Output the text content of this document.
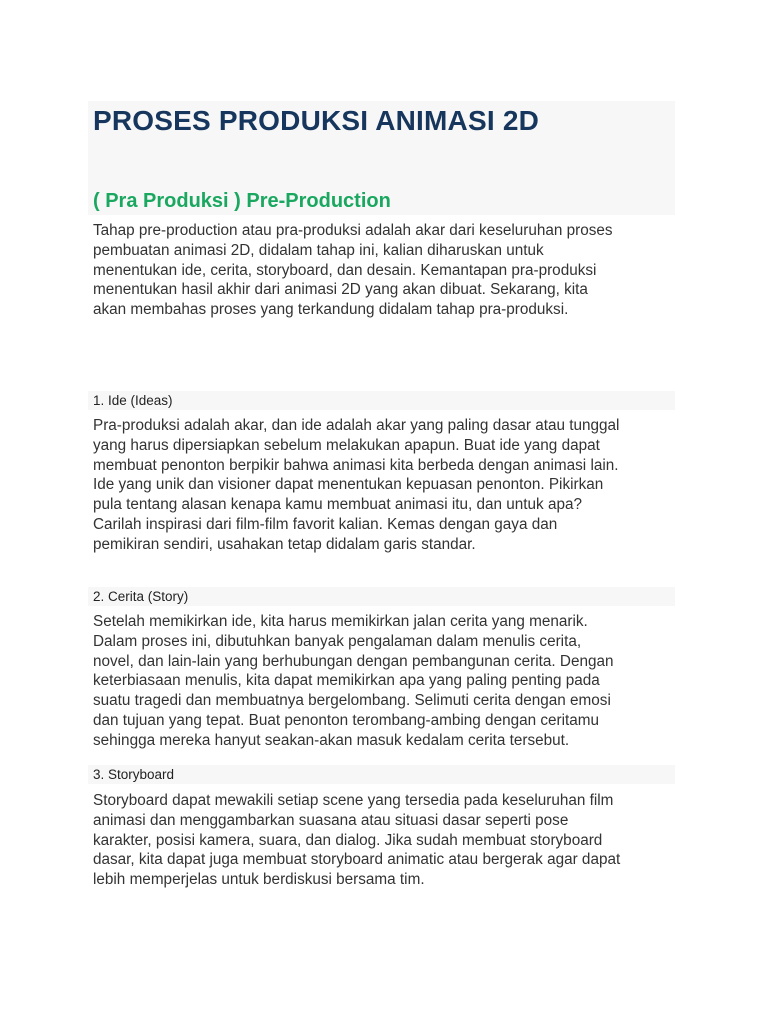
PROSES PRODUKSI ANIMASI 2D
( Pra Produksi ) Pre-Production
Tahap pre-production atau pra-produksi adalah akar dari keseluruhan proses
pembuatan animasi 2D, didalam tahap ini, kalian diharuskan untuk
menentukan ide, cerita, storyboard, dan desain. Kemantapan pra-produksi
menentukan hasil akhir dari animasi 2D yang akan dibuat. Sekarang, kita
akan membahas proses yang terkandung didalam tahap pra-produksi.
1. Ide (Ideas)
Pra-produksi adalah akar, dan ide adalah akar yang paling dasar atau tunggal
yang harus dipersiapkan sebelum melakukan apapun. Buat ide yang dapat
membuat penonton berpikir bahwa animasi kita berbeda dengan animasi lain.
Ide yang unik dan visioner dapat menentukan kepuasan penonton. Pikirkan
pula tentang alasan kenapa kamu membuat animasi itu, dan untuk apa?
Carilah inspirasi dari film-film favorit kalian. Kemas dengan gaya dan
pemikiran sendiri, usahakan tetap didalam garis standar.
2. Cerita (Story)
Setelah memikirkan ide, kita harus memikirkan jalan cerita yang menarik.
Dalam proses ini, dibutuhkan banyak pengalaman dalam menulis cerita,
novel, dan lain-lain yang berhubungan dengan pembangunan cerita. Dengan
keterbiasaan menulis, kita dapat memikirkan apa yang paling penting pada
suatu tragedi dan membuatnya bergelombang. Selimuti cerita dengan emosi
dan tujuan yang tepat. Buat penonton terombang-ambing dengan ceritamu
sehingga mereka hanyut seakan-akan masuk kedalam cerita tersebut.
3. Storyboard
Storyboard dapat mewakili setiap scene yang tersedia pada keseluruhan film
animasi dan menggambarkan suasana atau situasi dasar seperti pose
karakter, posisi kamera, suara, dan dialog. Jika sudah membuat storyboard
dasar, kita dapat juga membuat storyboard animatic atau bergerak agar dapat
lebih memperjelas untuk berdiskusi bersama tim.
